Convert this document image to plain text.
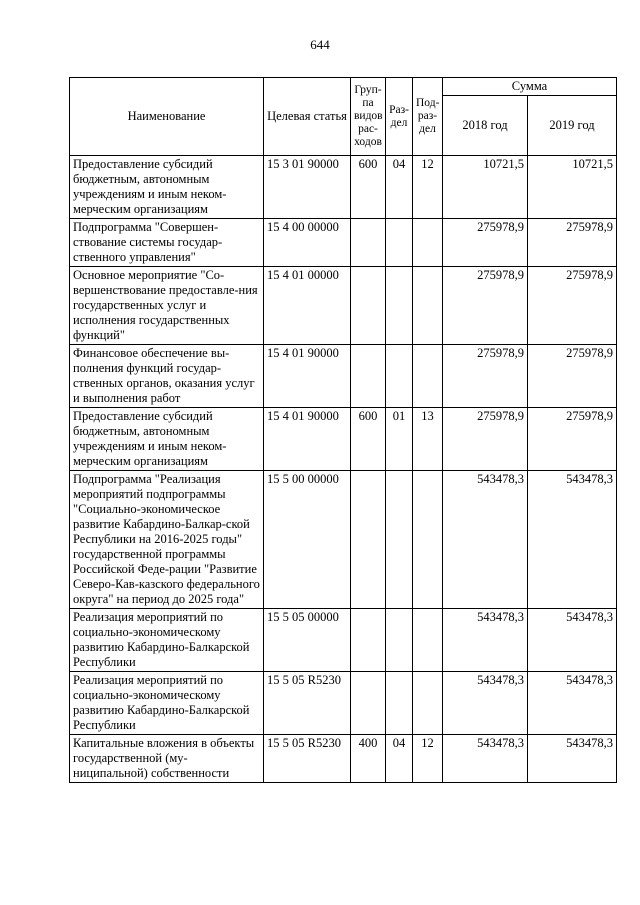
644
Наименование	Целевая статья	Груп-па видов рас-ходов	Раз-дел	Под-раз-дел	Сумма	
					2018 год	2019 год
Предоставление субсидий бюджетным, автономным учреждениям и иным неком-мерческим организациям	15 3 01 90000	600	04	12	10721,5	10721,5
Подпрограмма "Совершен-ствование системы государ-ственного управления"	15 4 00 00000				275978,9	275978,9
Основное мероприятие "Со-вершенствование предоставле-ния государственных услуг и исполнения государственных функций"	15 4 01 00000				275978,9	275978,9
Финансовое обеспечение вы-полнения функций государ-ственных органов, оказания услуг и выполнения работ	15 4 01 90000				275978,9	275978,9
Предоставление субсидий бюджетным, автономным учреждениям и иным неком-мерческим организациям	15 4 01 90000	600	01	13	275978,9	275978,9
Подпрограмма "Реализация мероприятий подпрограммы "Социально-экономическое развитие Кабардино-Балкар-ской Республики на 2016-2025 годы" государственной программы Российской Феде-рации "Развитие Северо-Кав-казского федерального округа" на период до 2025 года"	15 5 00 00000				543478,3	543478,3
Реализация мероприятий по социально-экономическому развитию Кабардино-Балкарской Республики	15 5 05 00000				543478,3	543478,3
Реализация мероприятий по социально-экономическому развитию Кабардино-Балкарской Республики	15 5 05 R5230				543478,3	543478,3
Капитальные вложения в объекты государственной (му-ниципальной) собственности	15 5 05 R5230	400	04	12	543478,3	543478,3
